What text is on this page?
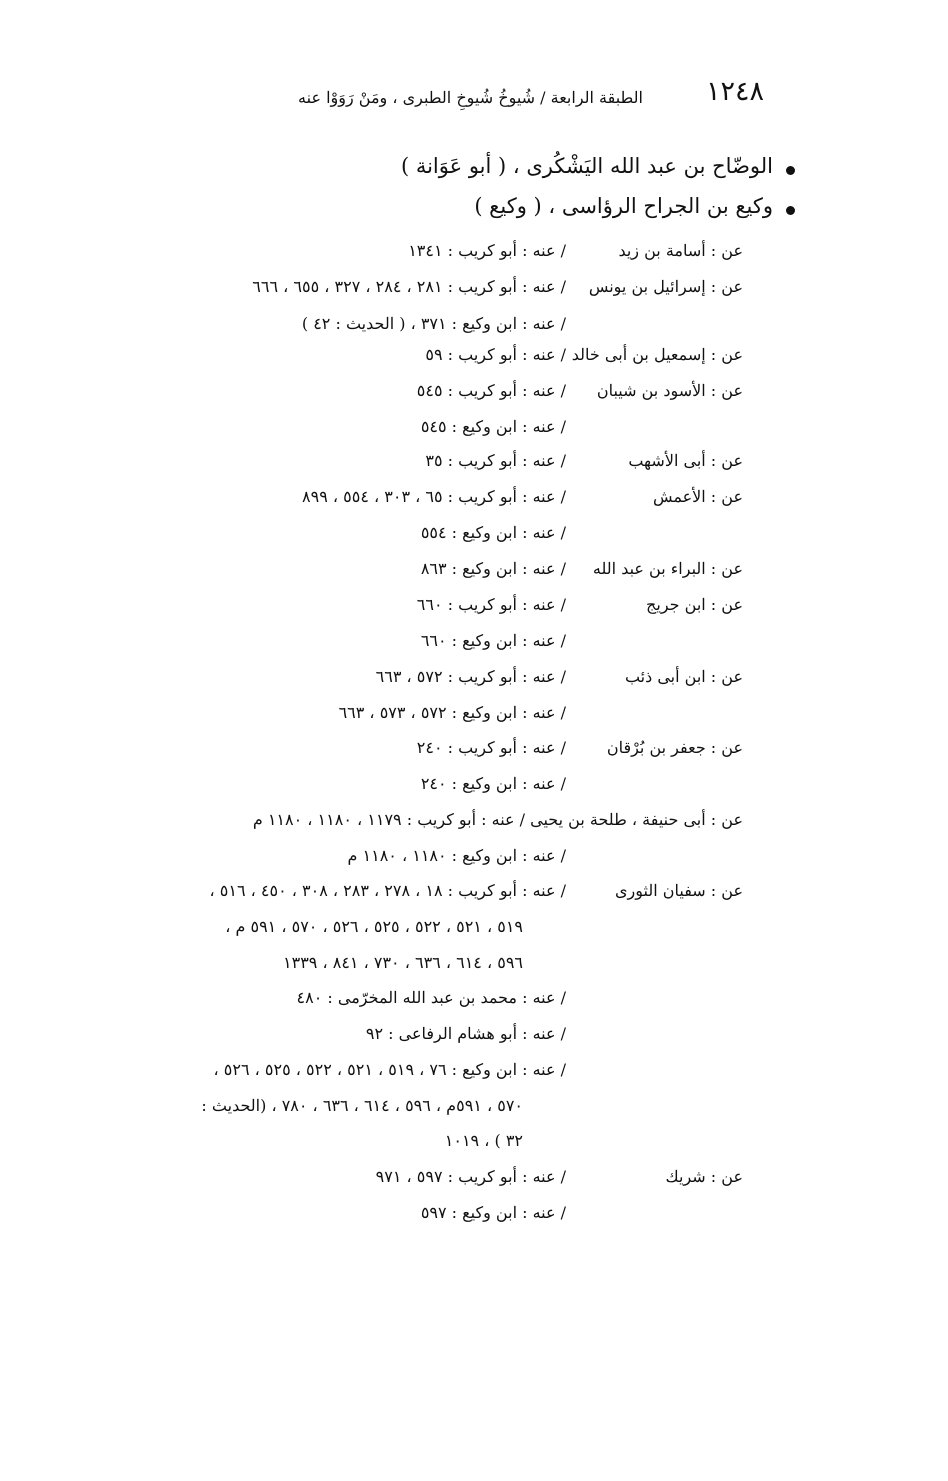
١٢٤٨
الطبقة الرابعة / شُيوخُ شُيوخِ الطبرى ، ومَنْ رَوَوْا عنه
الوضّاح بن عبد الله اليَشْكُرى ، ( أبو عَوَانة )
وكيع بن الجراح الرؤاسى ، ( وكيع )
عن : أسامة بن زيد
/ عنه : أبو كريب : ١٣٤١
عن : إسرائيل بن يونس
/ عنه : أبو كريب : ٢٨١ ، ٢٨٤ ، ٣٢٧ ، ٦٥٥ ، ٦٦٦
/ عنه : ابن وكيع : ٣٧١ ، ( الحديث : ٤٢ )
عن : إسمعيل بن أبى خالد
/ عنه : أبو كريب : ٥٩
عن : الأسود بن شيبان
/ عنه : أبو كريب : ٥٤٥
/ عنه : ابن وكيع : ٥٤٥
عن : أبى الأشهب
/ عنه : أبو كريب : ٣٥
عن : الأعمش
/ عنه : أبو كريب : ٦٥ ، ٣٠٣ ، ٥٥٤ ، ٨٩٩
/ عنه : ابن وكيع : ٥٥٤
عن : البراء بن عبد الله
/ عنه : ابن وكيع : ٨٦٣
عن : ابن جريج
/ عنه : أبو كريب : ٦٦٠
/ عنه : ابن وكيع : ٦٦٠
عن : ابن أبى ذئب
/ عنه : أبو كريب : ٥٧٢ ، ٦٦٣
/ عنه : ابن وكيع : ٥٧٢ ، ٥٧٣ ، ٦٦٣
عن : جعفر بن بُرْقان
/ عنه : أبو كريب : ٢٤٠
/ عنه : ابن وكيع : ٢٤٠
عن : أبى حنيفة ، طلحة بن يحيى / عنه : أبو كريب : ١١٧٩ ، ١١٨٠ ، ١١٨٠ م
/ عنه : ابن وكيع : ١١٨٠ ، ١١٨٠ م
عن : سفيان الثورى
/ عنه : أبو كريب : ١٨ ، ٢٧٨ ، ٢٨٣ ، ٣٠٨ ، ٤٥٠ ، ٥١٦ ،
٥١٩ ، ٥٢١ ، ٥٢٢ ، ٥٢٥ ، ٥٢٦ ، ٥٧٠ ، ٥٩١ م ،
٥٩٦ ، ٦١٤ ، ٦٣٦ ، ٧٣٠ ، ٨٤١ ، ١٣٣٩
/ عنه : محمد بن عبد الله المخرّمى : ٤٨٠
/ عنه : أبو هشام الرفاعى : ٩٢
/ عنه : ابن وكيع : ٧٦ ، ٥١٩ ، ٥٢١ ، ٥٢٢ ، ٥٢٥ ، ٥٢٦ ،
٥٧٠ ، ٥٩١م ، ٥٩٦ ، ٦١٤ ، ٦٣٦ ، ٧٨٠ ، (الحديث :
٣٢ ) ، ١٠١٩
عن : شريك
/ عنه : أبو كريب : ٥٩٧ ، ٩٧١
/ عنه : ابن وكيع : ٥٩٧
